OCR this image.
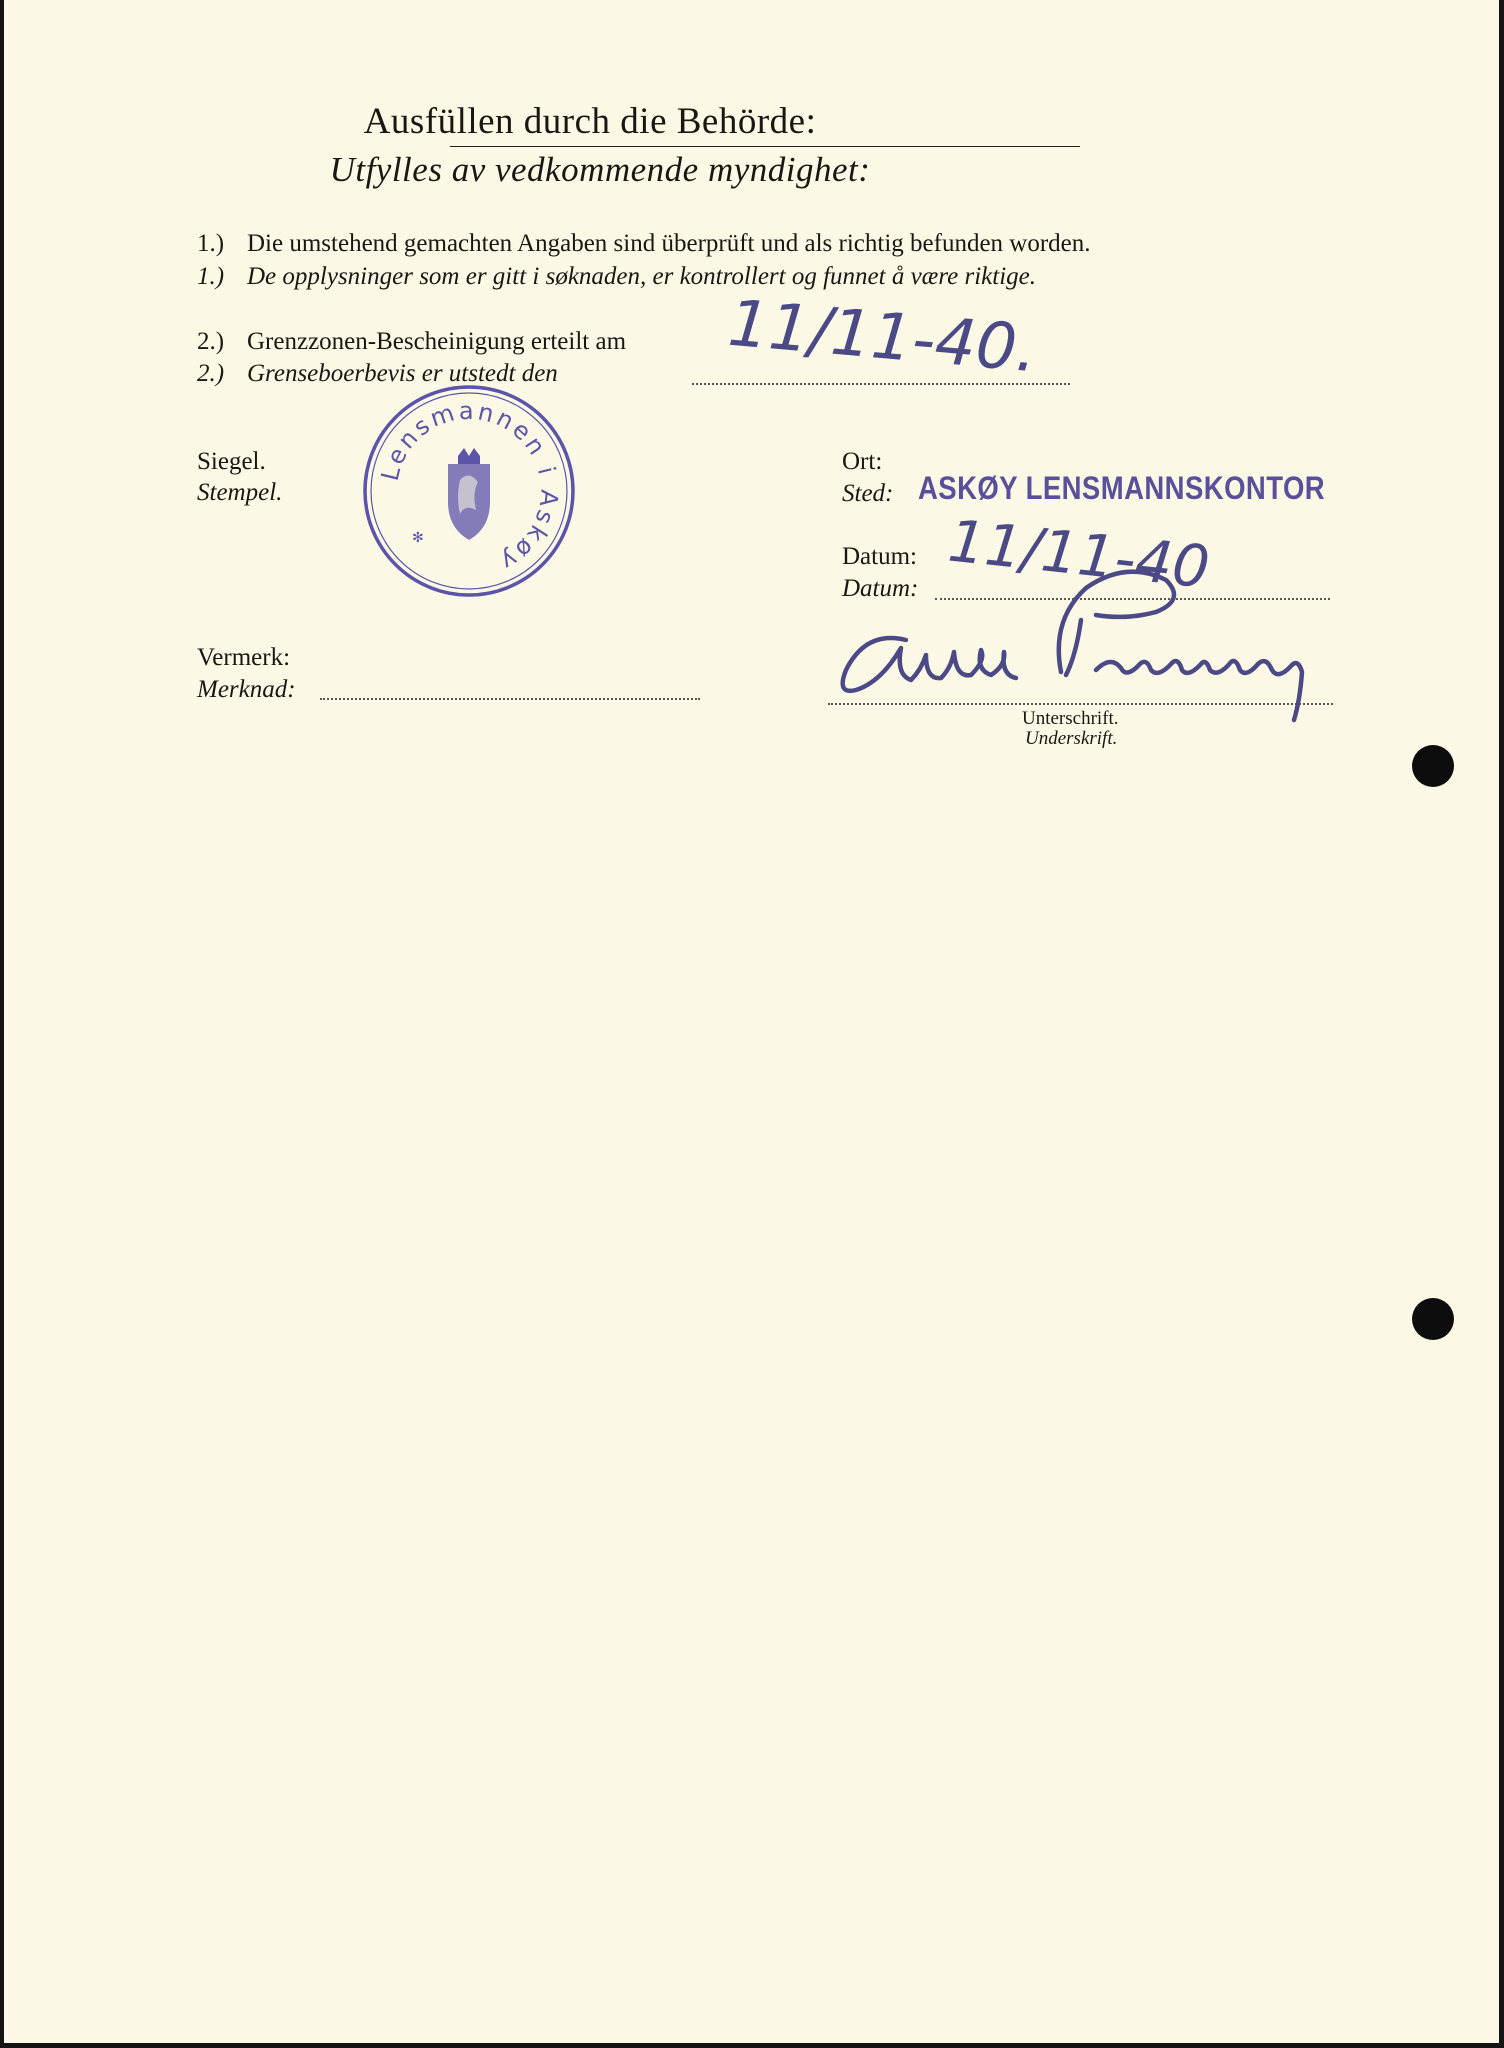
Ausfüllen durch die Behörde:
Utfylles av vedkommende myndighet:
1.) Die umstehend gemachten Angaben sind überprüft und als richtig befunden worden.
1.) De opplysninger som er gitt i søknaden, er kontrollert og funnet å være riktige.
2.) Grenzzonen-Bescheinigung erteilt am
2.) Grenseboerbevis er utstedt den	11/11-40.
Siegel.
Stempel.
Lensmannen i Askøy
✻
Ort:
Sted: ASKØY LENSMANNSKONTOR
Datum:
Datum: 11/11-40
Vermerk:
Merknad:
Unterschrift.
Underskrift.
